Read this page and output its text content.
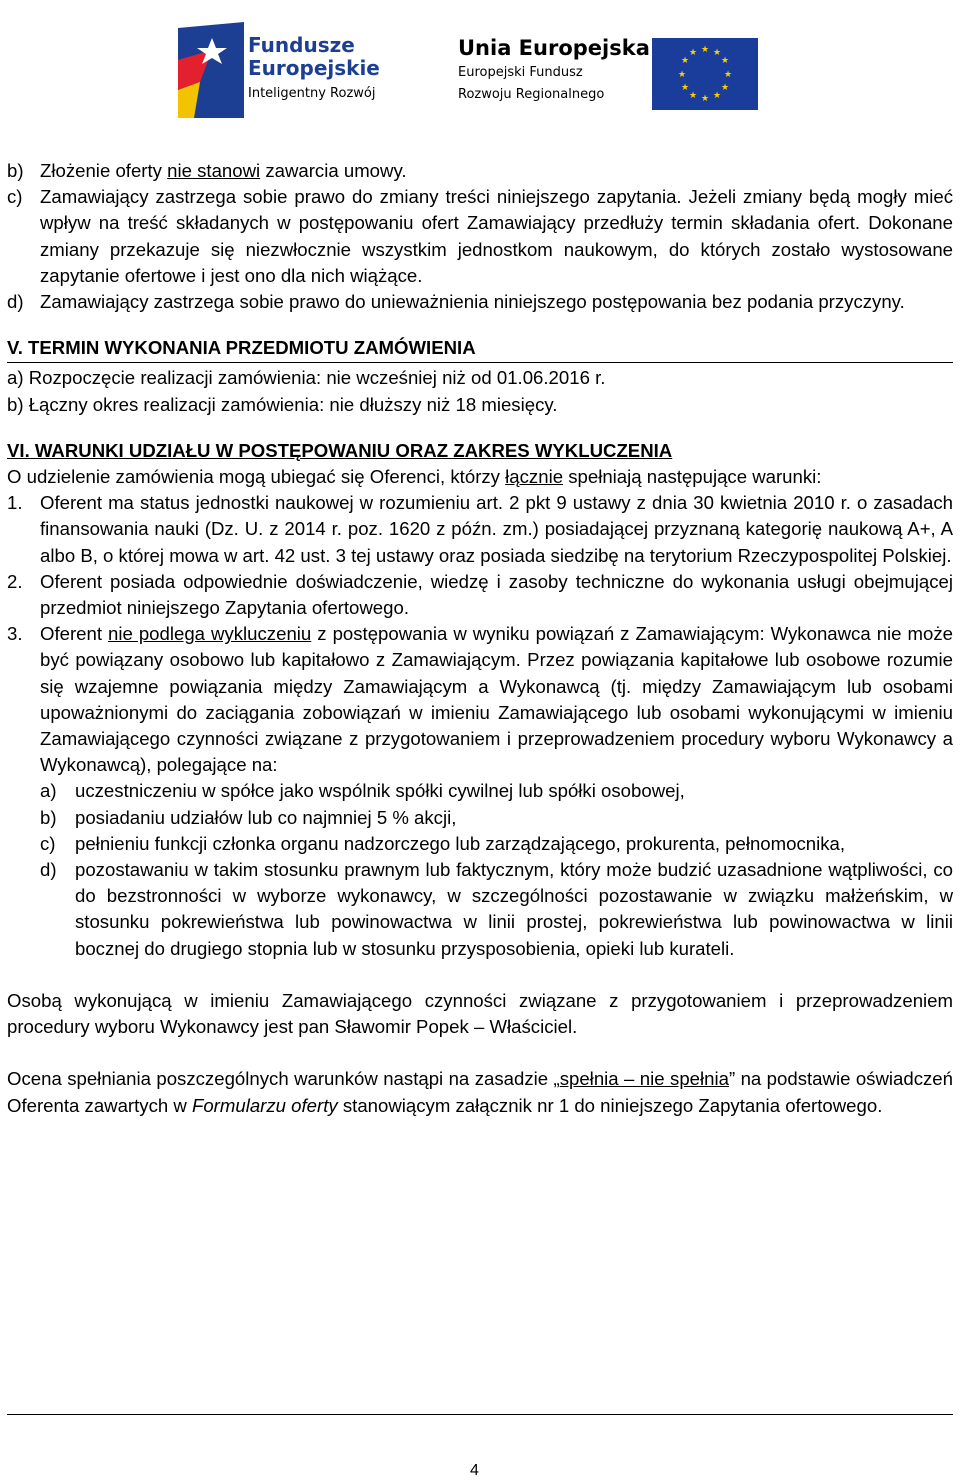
Fundusze
Europejskie
Inteligentny Rozwój
Unia Europejska
Europejski Fundusz
Rozwoju Regionalnego
★ ★
★
★
★
★
★
★
★
★
★
★

b) Złożenie oferty nie stanowi zawarcia umowy.

c) Zamawiający zastrzega sobie prawo do zmiany treści niniejszego zapytania. Jeżeli zmiany będą mogły mieć wpływ na treść składanych w postępowaniu ofert Zamawiający przedłuży termin składania ofert. Dokonane zmiany przekazuje się niezwłocznie wszystkim jednostkom naukowym, do których zostało wystosowane zapytanie ofertowe i jest ono dla nich wiążące.

d) Zamawiający zastrzega sobie prawo do unieważnienia niniejszego postępowania bez podania przyczyny.

V. TERMIN WYKONANIA PRZEDMIOTU ZAMÓWIENIA

a) Rozpoczęcie realizacji zamówienia: nie wcześniej niż od 01.06.2016 r.

b) Łączny okres realizacji zamówienia: nie dłuższy niż 18 miesięcy.

VI. WARUNKI UDZIAŁU W POSTĘPOWANIU ORAZ ZAKRES WYKLUCZENIA

O udzielenie zamówienia mogą ubiegać się Oferenci, którzy łącznie spełniają następujące warunki:

1. Oferent ma status jednostki naukowej w rozumieniu art. 2 pkt 9 ustawy z dnia 30 kwietnia 2010 r. o zasadach finansowania nauki (Dz. U. z 2014 r. poz. 1620 z późn. zm.) posiadającej przyznaną kategorię naukową A+, A albo B, o której mowa w art. 42 ust. 3 tej ustawy oraz posiada siedzibę na terytorium Rzeczypospolitej Polskiej.

2. Oferent posiada odpowiednie doświadczenie, wiedzę i zasoby techniczne do wykonania usługi obejmującej przedmiot niniejszego Zapytania ofertowego.

3. Oferent nie podlega wykluczeniu z postępowania w wyniku powiązań z Zamawiającym: Wykonawca nie może być powiązany osobowo lub kapitałowo z Zamawiającym. Przez powiązania kapitałowe lub osobowe rozumie się wzajemne powiązania między Zamawiającym a Wykonawcą (tj. między Zamawiającym lub osobami upoważnionymi do zaciągania zobowiązań w imieniu Zamawiającego lub osobami wykonującymi w imieniu Zamawiającego czynności związane z przygotowaniem i przeprowadzeniem procedury wyboru Wykonawcy a Wykonawcą), polegające na:

a) uczestniczeniu w spółce jako wspólnik spółki cywilnej lub spółki osobowej,

b) posiadaniu udziałów lub co najmniej 5 % akcji,

c) pełnieniu funkcji członka organu nadzorczego lub zarządzającego, prokurenta, pełnomocnika,

d) pozostawaniu w takim stosunku prawnym lub faktycznym, który może budzić uzasadnione wątpliwości, co do bezstronności w wyborze wykonawcy, w szczególności pozostawanie w związku małżeńskim, w stosunku pokrewieństwa lub powinowactwa w linii prostej, pokrewieństwa lub powinowactwa w linii bocznej do drugiego stopnia lub w stosunku przysposobienia, opieki lub kurateli.

Osobą wykonującą w imieniu Zamawiającego czynności związane z przygotowaniem i przeprowadzeniem procedury wyboru Wykonawcy jest pan Sławomir Popek – Właściciel.

Ocena spełniania poszczególnych warunków nastąpi na zasadzie „spełnia – nie spełnia” na podstawie oświadczeń Oferenta zawartych w Formularzu oferty stanowiącym załącznik nr 1 do niniejszego Zapytania ofertowego.

4
